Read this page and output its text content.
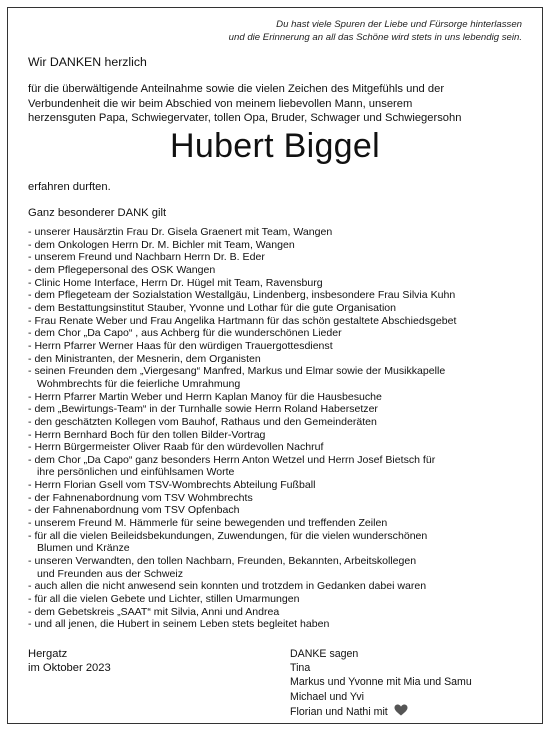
Du hast viele Spuren der Liebe und Fürsorge hinterlassen
und die Erinnerung an all das Schöne wird stets in uns lebendig sein.
Wir DANKEN herzlich
für die überwältigende Anteilnahme sowie die vielen Zeichen des Mitgefühls und der
Verbundenheit die wir beim Abschied von meinem liebevollen Mann, unserem
herzensguten Papa, Schwiegervater, tollen Opa, Bruder, Schwager und Schwiegersohn
Hubert Biggel
erfahren durften.
Ganz besonderer DANK gilt
- unserer Hausärztin Frau Dr. Gisela Graenert mit Team, Wangen
- dem Onkologen Herrn Dr. M. Bichler mit Team, Wangen
- unserem Freund und Nachbarn Herrn Dr. B. Eder
- dem Pflegepersonal des OSK Wangen
- Clinic Home Interface, Herrn Dr. Hügel mit Team, Ravensburg
- dem Pflegeteam der Sozialstation Westallgäu, Lindenberg, insbesondere Frau Silvia Kuhn
- dem Bestattungsinstitut Stauber, Yvonne und Lothar für die gute Organisation
- Frau Renate Weber und Frau Angelika Hartmann für das schön gestaltete Abschiedsgebet
- dem Chor „Da Capo“ , aus Achberg für die wunderschönen Lieder
- Herrn Pfarrer Werner Haas für den würdigen Trauergottesdienst
- den Ministranten, der Mesnerin, dem Organisten
- seinen Freunden dem „Viergesang“ Manfred, Markus und Elmar sowie der Musikkapelle
Wohmbrechts für die feierliche Umrahmung
- Herrn Pfarrer Martin Weber und Herrn Kaplan Manoy für die Hausbesuche
- dem „Bewirtungs-Team“ in der Turnhalle sowie Herrn Roland Habersetzer
- den geschätzten Kollegen vom Bauhof, Rathaus und den Gemeinderäten
- Herrn Bernhard Boch für den tollen Bilder-Vortrag
- Herrn Bürgermeister Oliver Raab für den würdevollen Nachruf
- dem Chor „Da Capo“ ganz besonders Herrn Anton Wetzel und Herrn Josef Bietsch für
ihre persönlichen und einfühlsamen Worte
- Herrn Florian Gsell vom TSV-Wombrechts Abteilung Fußball
- der Fahnenabordnung vom TSV Wohmbrechts
- der Fahnenabordnung vom TSV Opfenbach
- unserem Freund M. Hämmerle für seine bewegenden und treffenden Zeilen
- für all die vielen Beileidsbekundungen, Zuwendungen, für die vielen wunderschönen
Blumen und Kränze
- unseren Verwandten, den tollen Nachbarn, Freunden, Bekannten, Arbeitskollegen
und Freunden aus der Schweiz
- auch allen die nicht anwesend sein konnten und trotzdem in Gedanken dabei waren
- für all die vielen Gebete und Lichter, stillen Umarmungen
- dem Gebetskreis „SAAT“ mit Silvia, Anni und Andrea
- und all jenen, die Hubert in seinem Leben stets begleitet haben
Hergatz
im Oktober 2023
DANKE sagen
Tina
Markus und Yvonne mit Mia und Samu
Michael und Yvi
Florian und Nathi mit
